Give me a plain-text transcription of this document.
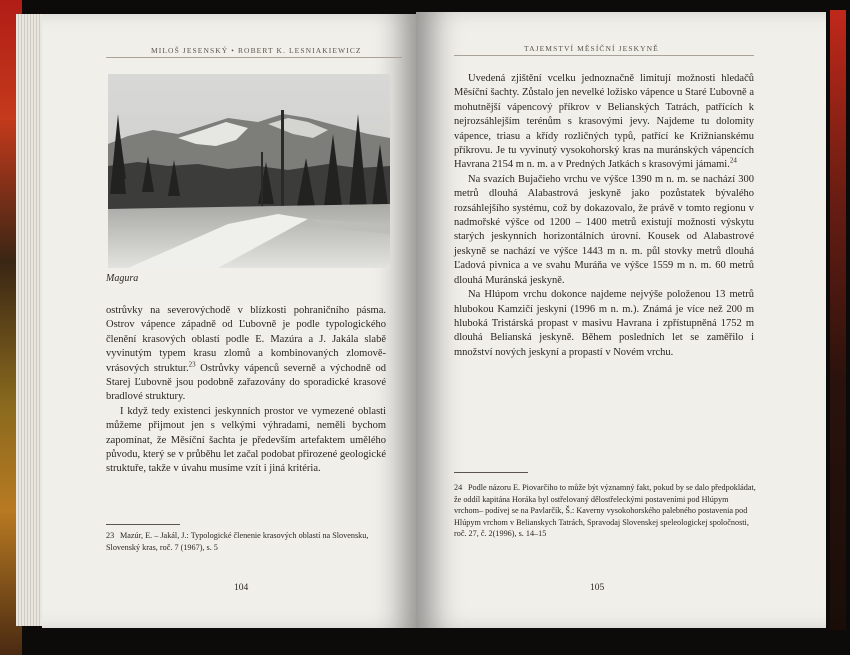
MILOŠ JESENSKÝ • ROBERT K. LESNIAKIEWICZ
Magura

ostrůvky na severovýchodě v blízkosti pohraničního pásma. Ostrov vápence západně od Ľubovně je podle typologického členění krasových oblastí podle E. Mazúra a J. Jakála slabě vyvinutým typem krasu zlomů a kombinovaných zlomově-vrásových struktur.$^{23}$ Ostrůvky vápenců severně a východně od Starej Ľubovně jsou podobně zařazovány do sporadické krasové bradlové struktury.

I když tedy existenci jeskynních prostor ve vymezené oblasti můžeme přijmout jen s velkými výhradami, neměli bychom zapomínat, že Měsíční šachta je především artefaktem umělého původu, který se v průběhu let začal podobat přirozené geologické struktuře, takže v úvahu musíme vzít i jiná kritéria.

23 Mazúr, E. – Jakál, J.: Typologické členenie krasových oblastí na Slovensku, Slovenský kras, roč. 7 (1967), s. 5
104
TAJEMSTVÍ MĚSÍČNÍ JESKYNĚ

Uvedená zjištění vcelku jednoznačně limitují možnosti hledačů Měsíční šachty. Zůstalo jen nevelké ložisko vápence u Staré Ľubovně a mohutnější vápencový příkrov v Belianských Tatrách, patřících k nejrozsáhlejším terénům s krasovými jevy. Najdeme tu dolomity vápence, triasu a křídy rozličných typů, patřící ke Križnianskému příkrovu. Je tu vyvinutý vysokohorský kras na muránských vápencích Havrana 2154 m n. m. a v Predných Jatkách s krasovými jámami.$^{24}$

Na svazích Bujačieho vrchu ve výšce 1390 m n. m. se nachází 300 metrů dlouhá Alabastrová jeskyně jako pozůstatek bývalého rozsáhlejšího systému, což by dokazovalo, že právě v tomto regionu v nadmořské výšce od 1200 – 1400 metrů existují možnosti výskytu starých jeskynních horizontálních úrovní. Kousek od Alabastrové jeskyně se nachází ve výšce 1443 m n. m. půl stovky metrů dlouhá Ľadová pivnica a ve svahu Muráňa ve výšce 1559 m n. m. 60 metrů dlouhá Muránská jeskyně.

Na Hlúpom vrchu dokonce najdeme nejvýše položenou 13 metrů hlubokou Kamzičí jeskyni (1996 m n. m.). Známá je více než 200 m hluboká Tristárská propast v masivu Havrana i zpřístupněná 1752 m dlouhá Belianská jeskyně. Během posledních let se zaměřilo i množství nových jeskyní a propastí v Novém vrchu.

24 Podle názoru E. Piovarčiho to může být významný fakt, pokud by se dalo předpokládat, že oddíl kapitána Horáka byl ostřelovaný dělostřeleckými postaveními pod Hlúpym vrchom– podívej se na Pavlarčík, Š.: Kaverny vysokohorského palebného postavenia pod Hlúpym vrchom v Belianskych Tatrách, Spravodaj Slovenskej speleologickej spoločnosti, roč. 27, č. 2(1996), s. 14–15
105
